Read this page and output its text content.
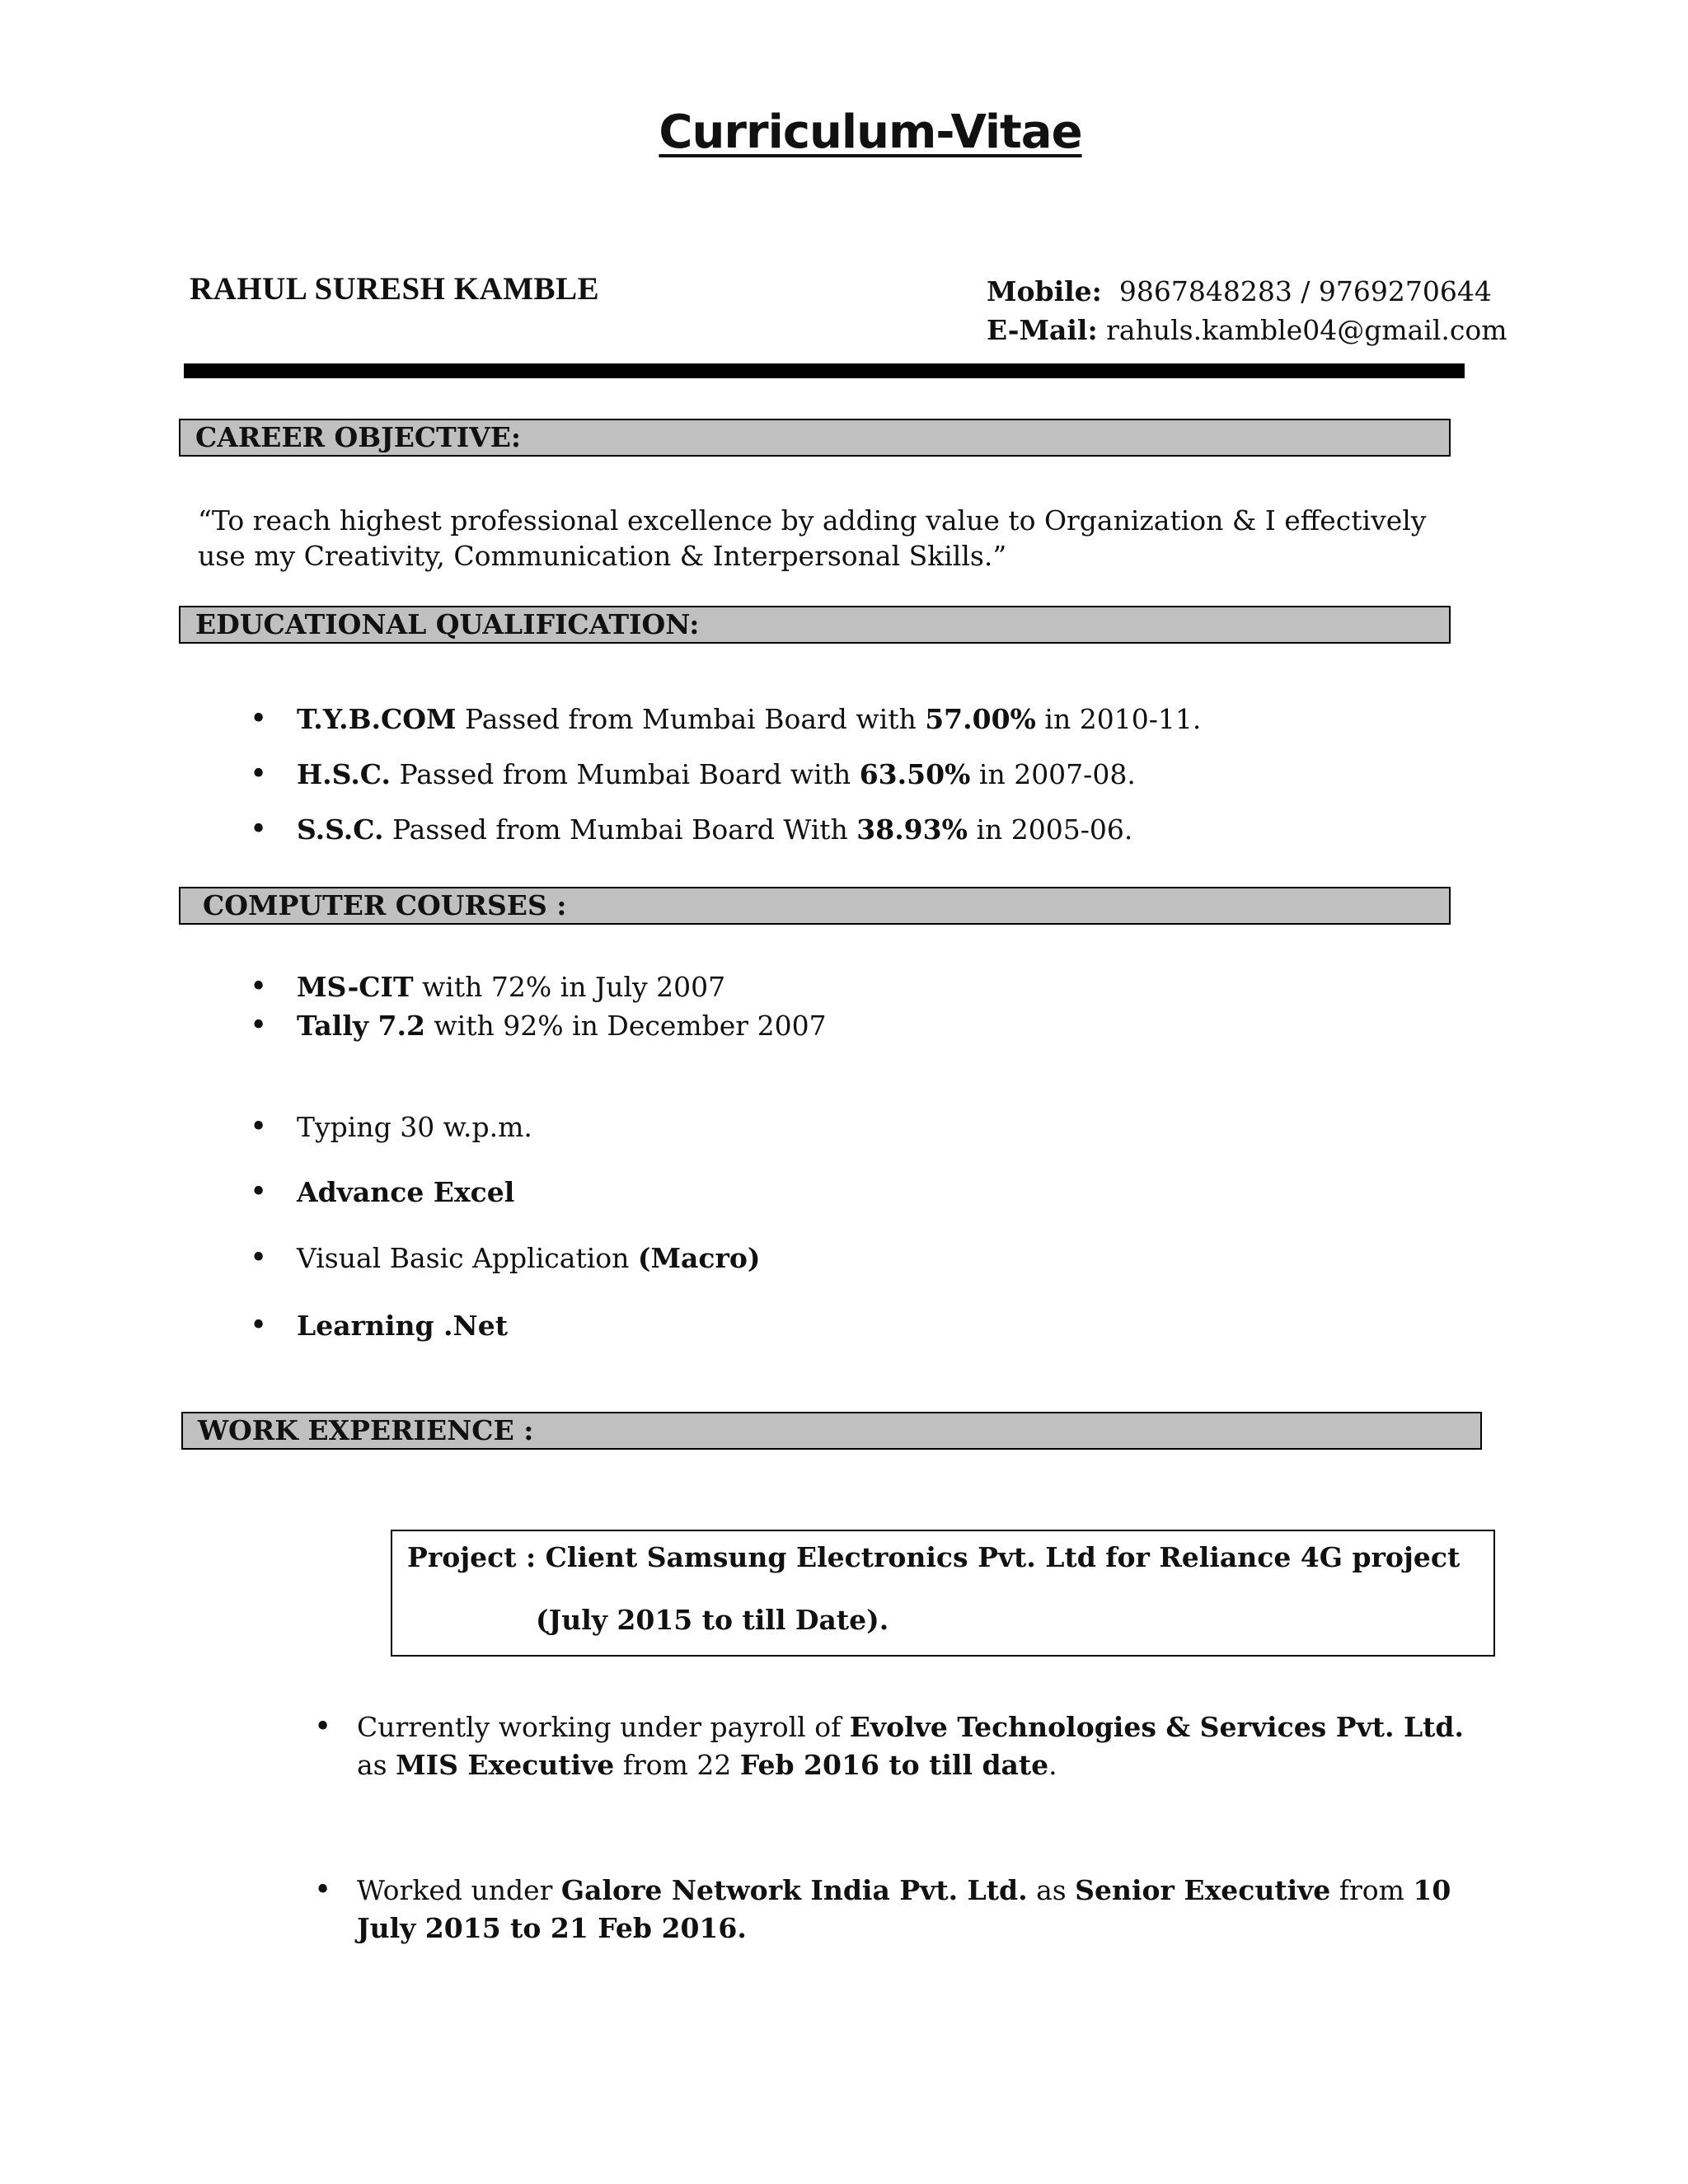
Curriculum-Vitae
RAHUL SURESH KAMBLE	Mobile: 9867848283 / 9769270644
E-Mail: rahuls.kamble04@gmail.com
CAREER OBJECTIVE:
“To reach highest professional excellence by adding value to Organization & I effectively use my Creativity, Communication & Interpersonal Skills.”
EDUCATIONAL QUALIFICATION:
• T.Y.B.COM Passed from Mumbai Board with 57.00% in 2010-11.
• H.S.C. Passed from Mumbai Board with 63.50% in 2007-08.
• S.S.C. Passed from Mumbai Board With 38.93% in 2005-06.
COMPUTER COURSES :
• MS-CIT with 72% in July 2007
• Tally 7.2 with 92% in December 2007
• Typing 30 w.p.m.
• Advance Excel
• Visual Basic Application (Macro)
• Learning .Net
WORK EXPERIENCE :
Project : Client Samsung Electronics Pvt. Ltd for Reliance 4G project
(July 2015 to till Date).
• Currently working under payroll of Evolve Technologies & Services Pvt. Ltd. as MIS Executive from 22 Feb 2016 to till date.
• Worked under Galore Network India Pvt. Ltd. as Senior Executive from 10 July 2015 to 21 Feb 2016.
